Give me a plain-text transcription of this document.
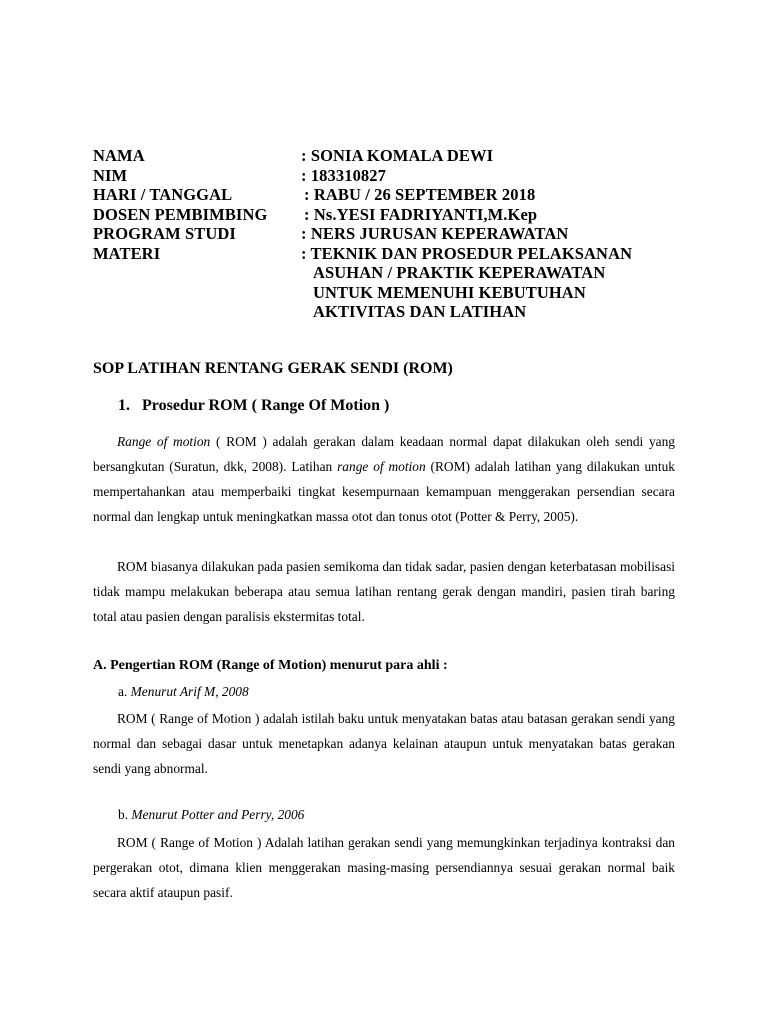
NAMA	: SONIA KOMALA DEWI
NIM	: 183310827
HARI / TANGGAL	: RABU / 26 SEPTEMBER 2018
DOSEN PEMBIMBING	: Ns.YESI FADRIYANTI,M.Kep
PROGRAM STUDI	: NERS JURUSAN KEPERAWATAN
MATERI	: TEKNIK DAN PROSEDUR PELAKSANAN
ASUHAN / PRAKTIK KEPERAWATAN
UNTUK MEMENUHI KEBUTUHAN
AKTIVITAS DAN LATIHAN
SOP LATIHAN RENTANG GERAK SENDI (ROM)
1. Prosedur ROM ( Range Of Motion )
Range of motion ( ROM ) adalah gerakan dalam keadaan normal dapat dilakukan oleh sendi yang bersangkutan (Suratun, dkk, 2008). Latihan range of motion (ROM) adalah latihan yang dilakukan untuk mempertahankan atau memperbaiki tingkat kesempurnaan kemampuan menggerakan persendian secara normal dan lengkap untuk meningkatkan massa otot dan tonus otot (Potter & Perry, 2005).
ROM biasanya dilakukan pada pasien semikoma dan tidak sadar, pasien dengan keterbatasan mobilisasi tidak mampu melakukan beberapa atau semua latihan rentang gerak dengan mandiri, pasien tirah baring total atau pasien dengan paralisis ekstermitas total.
A. Pengertian ROM (Range of Motion) menurut para ahli :
a. Menurut Arif M, 2008
ROM ( Range of Motion ) adalah istilah baku untuk menyatakan batas atau batasan gerakan sendi yang normal dan sebagai dasar untuk menetapkan adanya kelainan ataupun untuk menyatakan batas gerakan sendi yang abnormal.
b. Menurut Potter and Perry, 2006
ROM ( Range of Motion ) Adalah latihan gerakan sendi yang memungkinkan terjadinya kontraksi dan pergerakan otot, dimana klien menggerakan masing-masing persendiannya sesuai gerakan normal baik secara aktif ataupun pasif.
